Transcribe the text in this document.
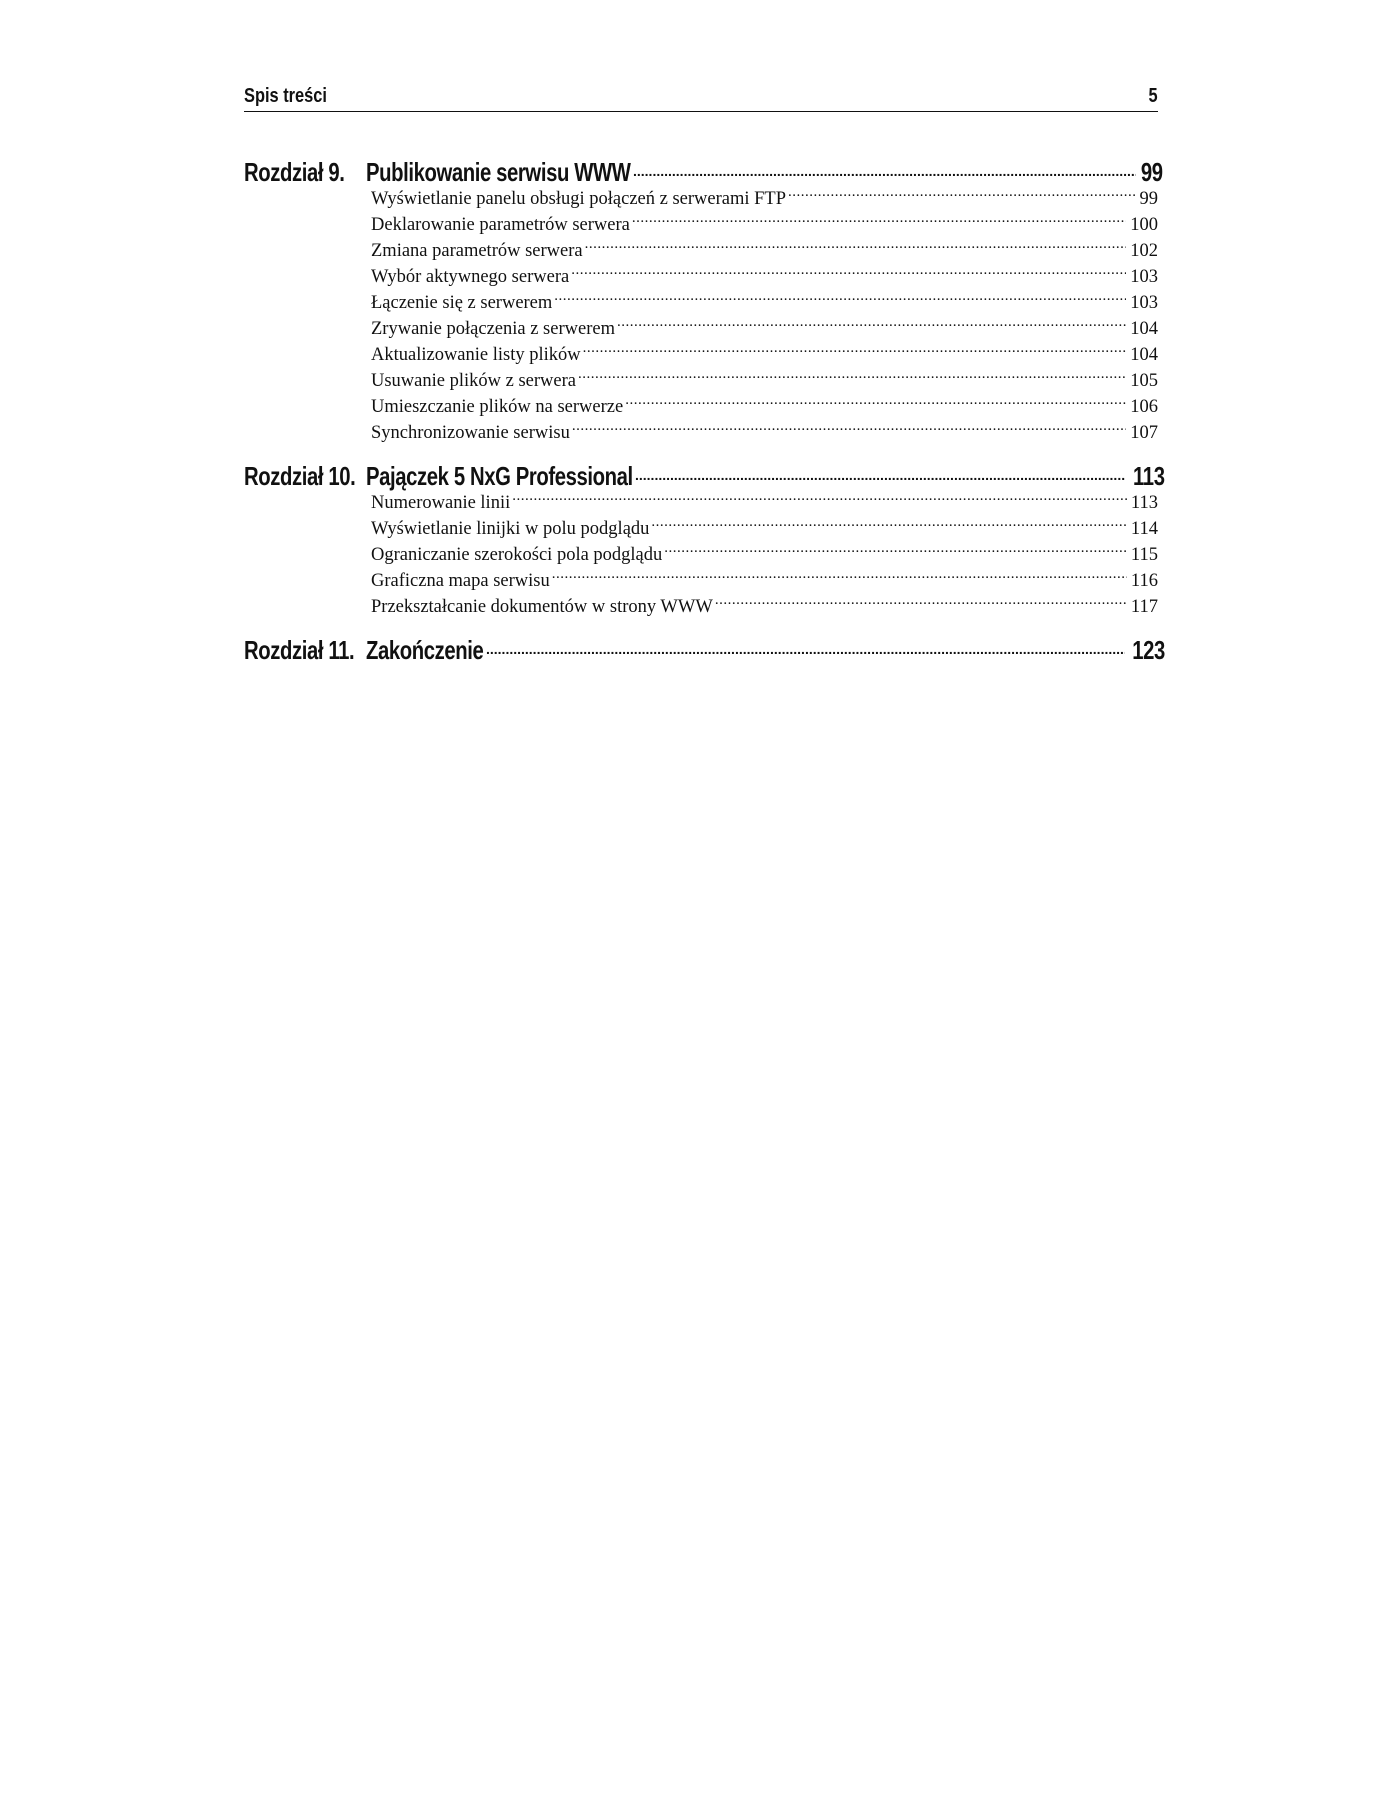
Spis treści	5
Rozdział 9. Publikowanie serwisu WWW .....	99
Wyświetlanie panelu obsługi połączeń z serwerami FTP .....	99
Deklarowanie parametrów serwera .....	100
Zmiana parametrów serwera .....	102
Wybór aktywnego serwera .....	103
Łączenie się z serwerem .....	103
Zrywanie połączenia z serwerem .....	104
Aktualizowanie listy plików .....	104
Usuwanie plików z serwera .....	105
Umieszczanie plików na serwerze .....	106
Synchronizowanie serwisu .....	107
Rozdział 10. Pajączek 5 NxG Professional .....	113
Numerowanie linii .....	113
Wyświetlanie linijki w polu podglądu .....	114
Ograniczanie szerokości pola podglądu .....	115
Graficzna mapa serwisu .....	116
Przekształcanie dokumentów w strony WWW .....	117
Rozdział 11. Zakończenie .....	123
